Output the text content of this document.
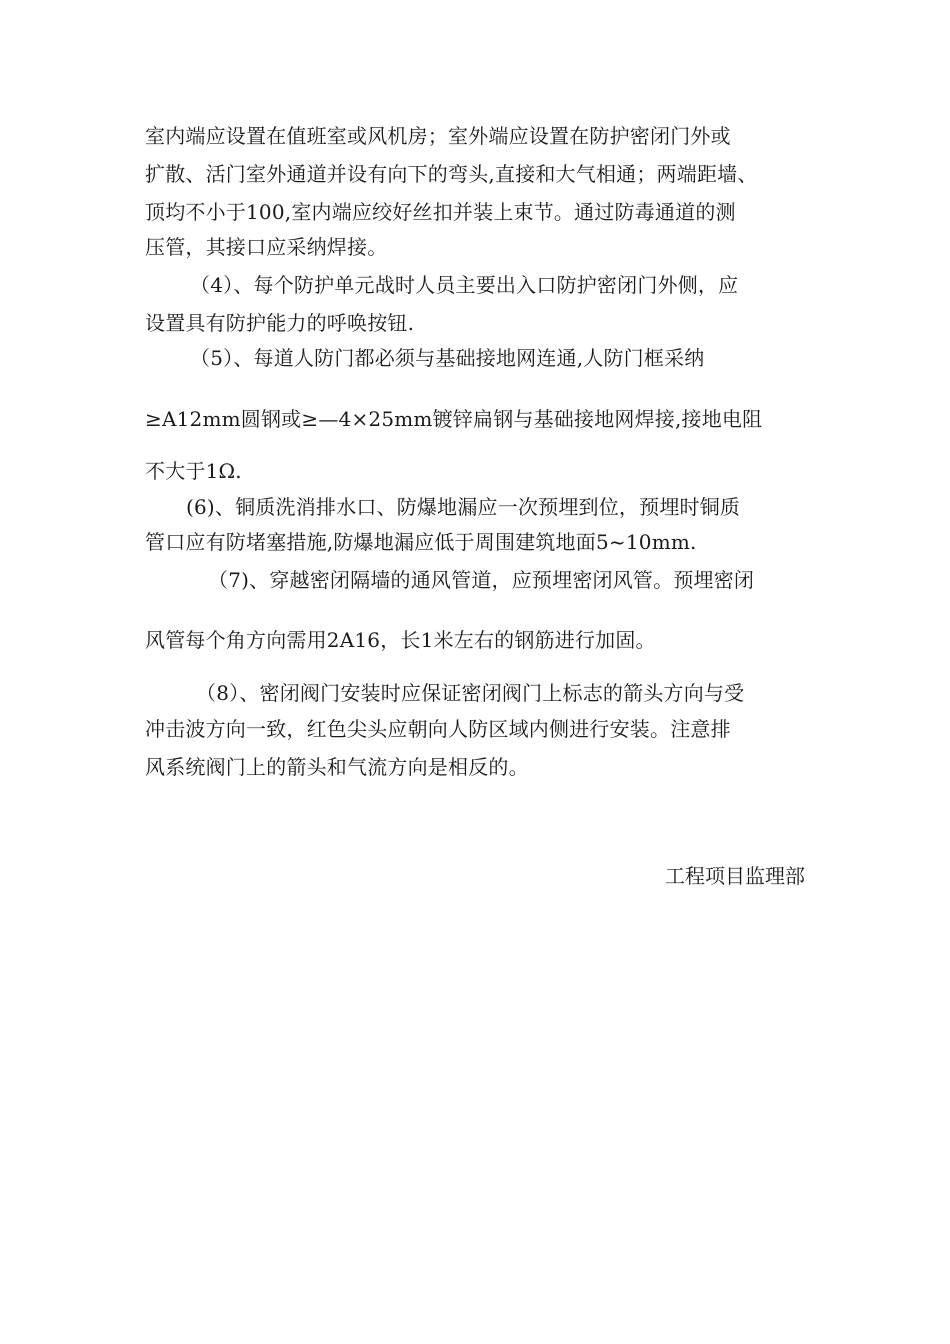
室内端应设置在值班室或风机房；室外端应设置在防护密闭门外或
扩散、活门室外通道并设有向下的弯头,直接和大气相通；两端距墙、
顶均不小于100,室内端应绞好丝扣并装上束节。通过防毒通道的测
压管，其接口应采纳焊接。
（4）、每个防护单元战时人员主要出入口防护密闭门外侧，应
设置具有防护能力的呼唤按钮.
（5）、每道人防门都必须与基础接地网连通,人防门框采纳
≥A12mm圆钢或≥—4×25mm镀锌扁钢与基础接地网焊接,接地电阻
不大于1Ω.
(6)、铜质洗消排水口、防爆地漏应一次预埋到位，预埋时铜质
管口应有防堵塞措施,防爆地漏应低于周围建筑地面5~10mm.
（7)、穿越密闭隔墙的通风管道，应预埋密闭风管。预埋密闭
风管每个角方向需用2A16，长1米左右的钢筋进行加固。
（8）、密闭阀门安装时应保证密闭阀门上标志的箭头方向与受
冲击波方向一致，红色尖头应朝向人防区域内侧进行安装。注意排
风系统阀门上的箭头和气流方向是相反的。
工程项目监理部
